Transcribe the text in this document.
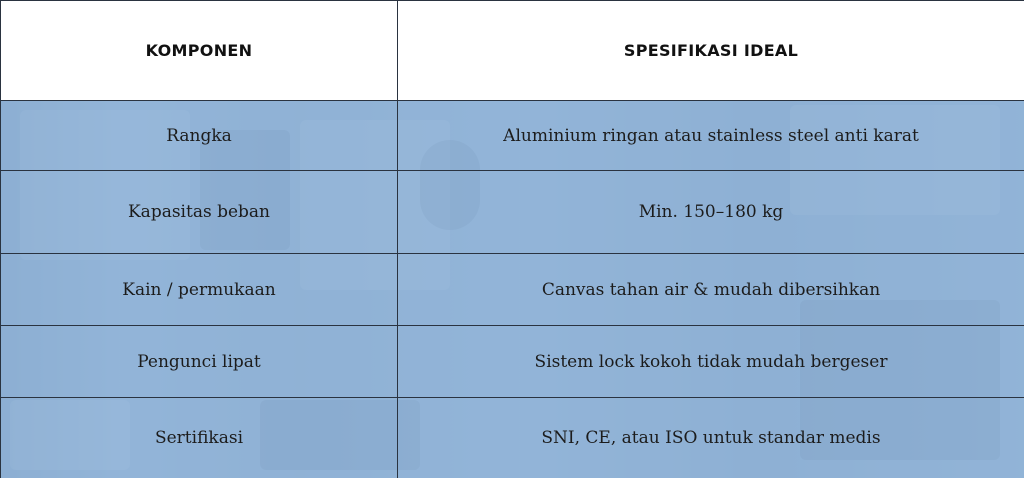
KOMPONEN	SPESIFIKASI IDEAL
Rangka	Aluminium ringan atau stainless steel anti karat
Kapasitas beban	Min. 150–180 kg
Kain / permukaan	Canvas tahan air & mudah dibersihkan
Pengunci lipat	Sistem lock kokoh tidak mudah bergeser
Sertifikasi	SNI, CE, atau ISO untuk standar medis
